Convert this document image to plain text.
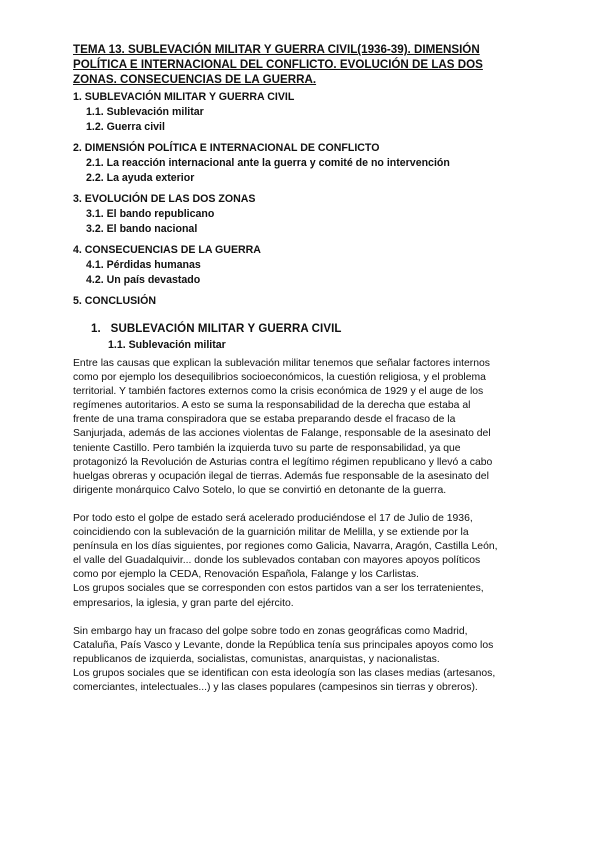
TEMA 13. SUBLEVACIÓN MILITAR Y GUERRA CIVIL(1936-39). DIMENSIÓN
POLÍTICA E INTERNACIONAL DEL CONFLICTO. EVOLUCIÓN DE LAS DOS
ZONAS. CONSECUENCIAS DE LA GUERRA.
1. SUBLEVACIÓN MILITAR Y GUERRA CIVIL
1.1. Sublevación militar
1.2. Guerra civil
2. DIMENSIÓN POLÍTICA E INTERNACIONAL DE CONFLICTO
2.1. La reacción internacional ante la guerra y comité de no intervención
2.2. La ayuda exterior
3. EVOLUCIÓN DE LAS DOS ZONAS
3.1. El bando republicano
3.2. El bando nacional
4. CONSECUENCIAS DE LA GUERRA
4.1. Pérdidas humanas
4.2. Un país devastado
5. CONCLUSIÓN
1.   SUBLEVACIÓN MILITAR Y GUERRA CIVIL
1.1. Sublevación militar

Entre las causas que explican la sublevación militar tenemos que señalar factores internos
como por ejemplo los desequilibrios socioeconómicos, la cuestión religiosa, y el problema
territorial. Y también factores externos como la crisis económica de 1929 y el auge de los
regímenes autoritarios. A esto se suma la responsabilidad de la derecha que estaba al
frente de una trama conspiradora que se estaba preparando desde el fracaso de la
Sanjurjada, además de las acciones violentas de Falange, responsable de la asesinato del
teniente Castillo. Pero también la izquierda tuvo su parte de responsabilidad, ya que
protagonizó la Revolución de Asturias contra el legítimo régimen republicano y llevó a cabo
huelgas obreras y ocupación ilegal de tierras. Además fue responsable de la asesinato del
dirigente monárquico Calvo Sotelo, lo que se convirtió en detonante de la guerra.

Por todo esto el golpe de estado será acelerado produciéndose el 17 de Julio de 1936,
coincidiendo con la sublevación de la guarnición militar de Melilla, y se extiende por la
península en los días siguientes, por regiones como Galicia, Navarra, Aragón, Castilla León,
el valle del Guadalquivir... donde los sublevados contaban con mayores apoyos políticos
como por ejemplo la CEDA, Renovación Española, Falange y los Carlistas.
Los grupos sociales que se corresponden con estos partidos van a ser los terratenientes,
empresarios, la iglesia, y gran parte del ejército.

Sin embargo hay un fracaso del golpe sobre todo en zonas geográficas como Madrid,
Cataluña, País Vasco y Levante, donde la República tenía sus principales apoyos como los
republicanos de izquierda, socialistas, comunistas, anarquistas, y nacionalistas.
Los grupos sociales que se identifican con esta ideología son las clases medias (artesanos,
comerciantes, intelectuales...) y las clases populares (campesinos sin tierras y obreros).
